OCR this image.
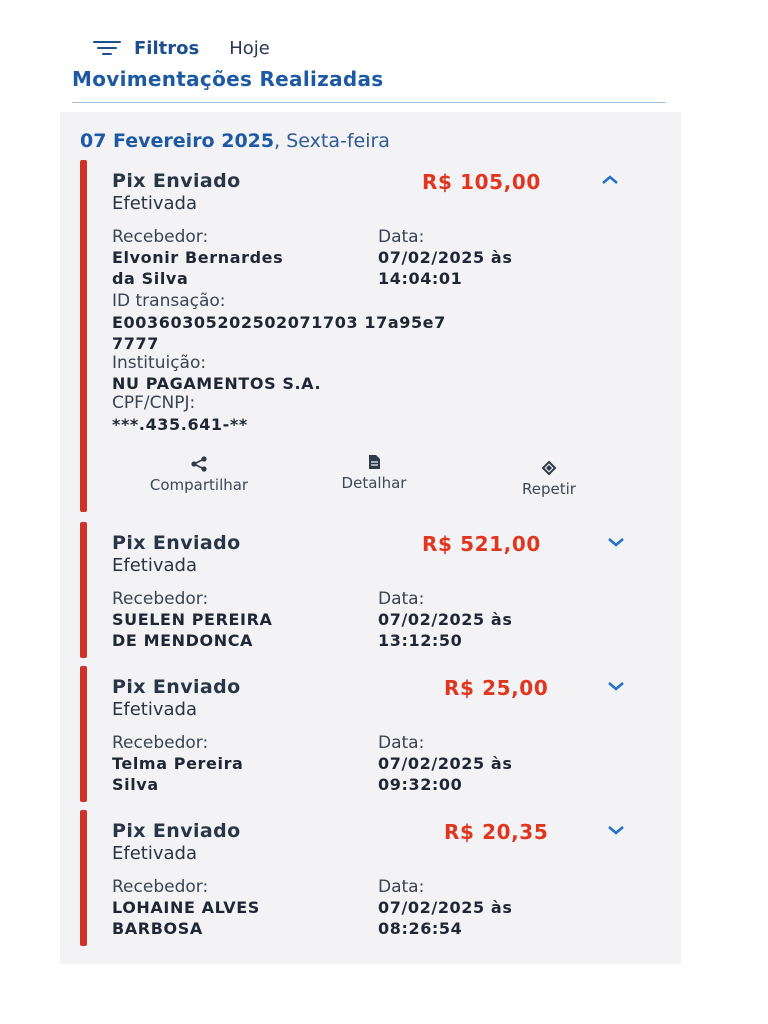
Filtros Hoje
Movimentações Realizadas
07 Fevereiro 2025, Sexta-feira
Pix Enviado
Efetivada
R$ 105,00
Recebedor:	Data:
Elvonir Bernardes
da Silva
07/02/2025 às
14:04:01
ID transação:
E00360305202502071703 17a95e7
7777
Instituição:
NU PAGAMENTOS S.A.
CPF/CNPJ:
***.435.641-**
Compartilhar	Detalhar	Repetir
Pix Enviado
Efetivada
R$ 521,00
Recebedor:	Data:
SUELEN PEREIRA
DE MENDONCA
07/02/2025 às
13:12:50
Pix Enviado
Efetivada
R$ 25,00
Recebedor:	Data:
Telma Pereira
Silva
07/02/2025 às
09:32:00
Pix Enviado
Efetivada
R$ 20,35
Recebedor:	Data:
LOHAINE ALVES
BARBOSA
07/02/2025 às
08:26:54
